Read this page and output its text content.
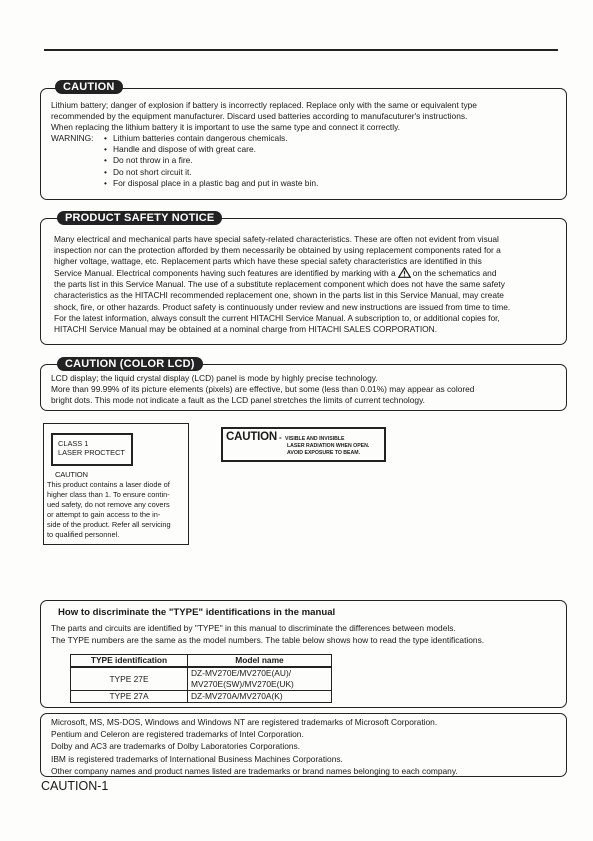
CAUTION

Lithium battery; danger of explosion if battery is incorrectly replaced. Replace only with the same or equivalent type

recommended by the equipment manufacturer. Discard used batteries according to manufacuturer's instructions.

When replacing the lithium battery it is important to use the same type and connect it correctly.

WARNING: • Lithium batteries contain dangerous chemicals.
• Handle and dispose of with great care.
• Do not throw in a fire.
• Do not short circuit it.
• For disposal place in a plastic bag and put in waste bin.
PRODUCT SAFETY NOTICE

Many electrical and mechanical parts have special safety-related characteristics. These are often not evident from visual

inspection nor can the protection afforded by them necessarily be obtained by using replacement components rated for a

higher voltage, wattage, etc. Replacement parts which have these special safety characteristics are identified in this

Service Manual. Electrical components having such features are identified by marking with a on the schematics and

the parts list in this Service Manual. The use of a substitute replacement component which does not have the same safety

characteristics as the HITACHI recommended replacement one, shown in the parts list in this Service Manual, may create

shock, fire, or other hazards. Product safety is continuously under review and new instructions are issued from time to time.

For the latest information, always consult the current HITACHI Service Manual. A subscription to, or additional copies for,

HITACHI Service Manual may be obtained at a nominal charge from HITACHI SALES CORPORATION.

CAUTION (COLOR LCD)

LCD display; the liquid crystal display (LCD) panel is mode by highly precise technology.

More than 99.99% of its picture elements (pixels) are effective, but some (less than 0.01%) may appear as colored

bright dots. This mode not indicate a fault as the LCD panel stretches the limits of current technology.

CLASS 1
LASER PROCTECT
CAUTION
This product contains a laser diode of
higher class than 1. To ensure contin-
ued safety, do not remove any covers
or attempt to gain access to the in-
side of the product. Refer all servicing
to qualified personnel.
CAUTION - VISIBLE AND INVISIBLE
LASER RADIATION WHEN OPEN.
AVOID EXPOSURE TO BEAM.
How to discriminate the "TYPE" identifications in the manual
The parts and circuits are identified by "TYPE" in this manual to discriminate the differences between models.
The TYPE numbers are the same as the model numbers. The table below shows how to read the type identifications.
TYPE identification	Model name
TYPE 27E	DZ-MV270E/MV270E(AU)/
MV270E(SW)/MV270E(UK)

TYPE 27A	DZ-MV270A/MV270A(K)

Microsoft, MS, MS-DOS, Windows and Windows NT are registered trademarks of Microsoft Corporation.

Pentium and Celeron are registered trademarks of Intel Corporation.

Dolby and AC3 are trademarks of Dolby Laboratories Corporations.

IBM is registered trademarks of International Business Machines Corporations.

Other company names and product names listed are trademarks or brand names belonging to each company.

CAUTION-1
